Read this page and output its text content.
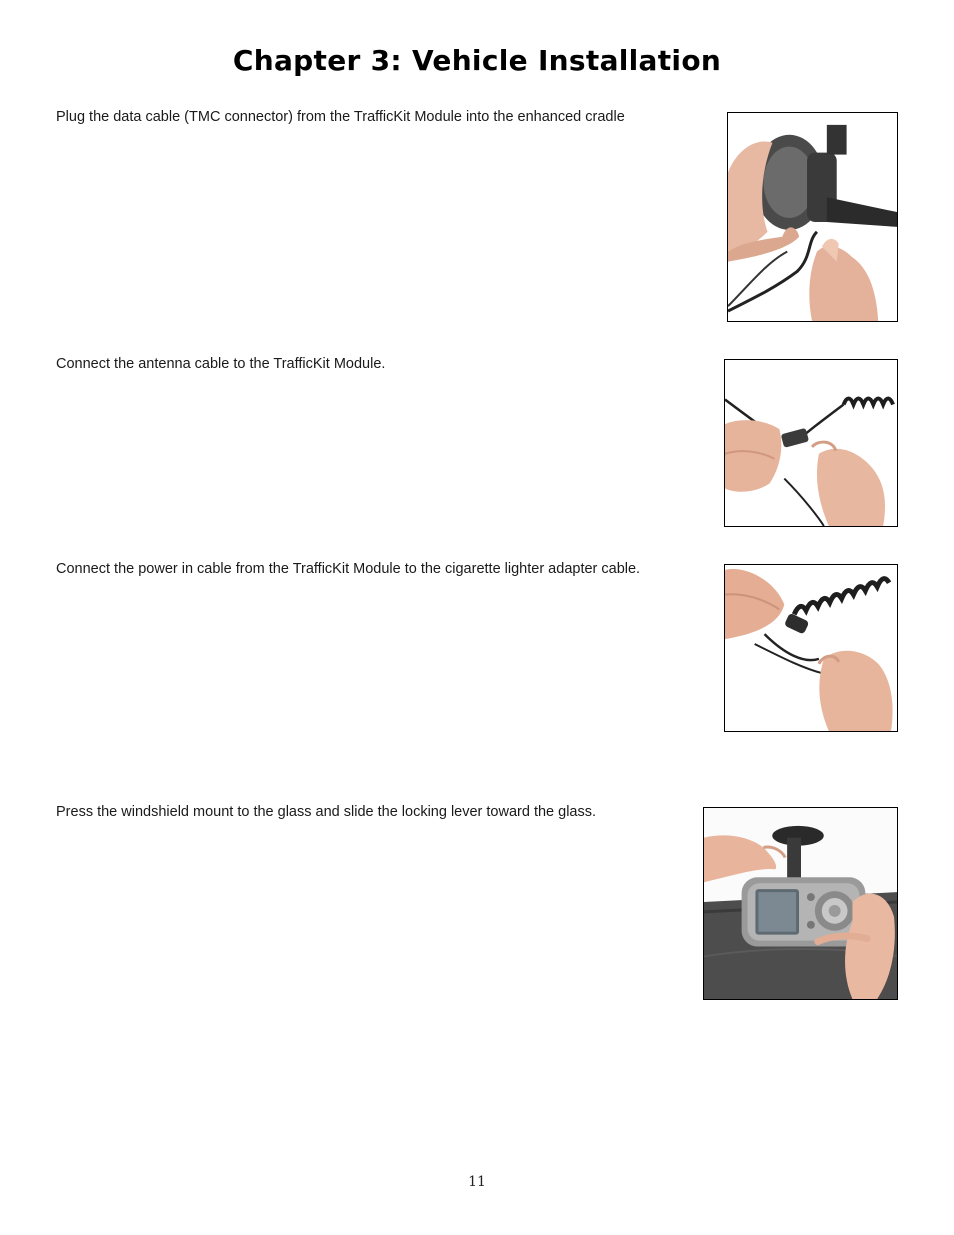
Chapter 3: Vehicle Installation
Plug the data cable (TMC connector) from the TrafficKit Module into the enhanced cradle
Connect the antenna cable to the TrafficKit Module.
Connect the power in cable from the TrafficKit Module to the cigarette lighter adapter cable.
Press the windshield mount to the glass and slide the locking lever toward the glass.
11
